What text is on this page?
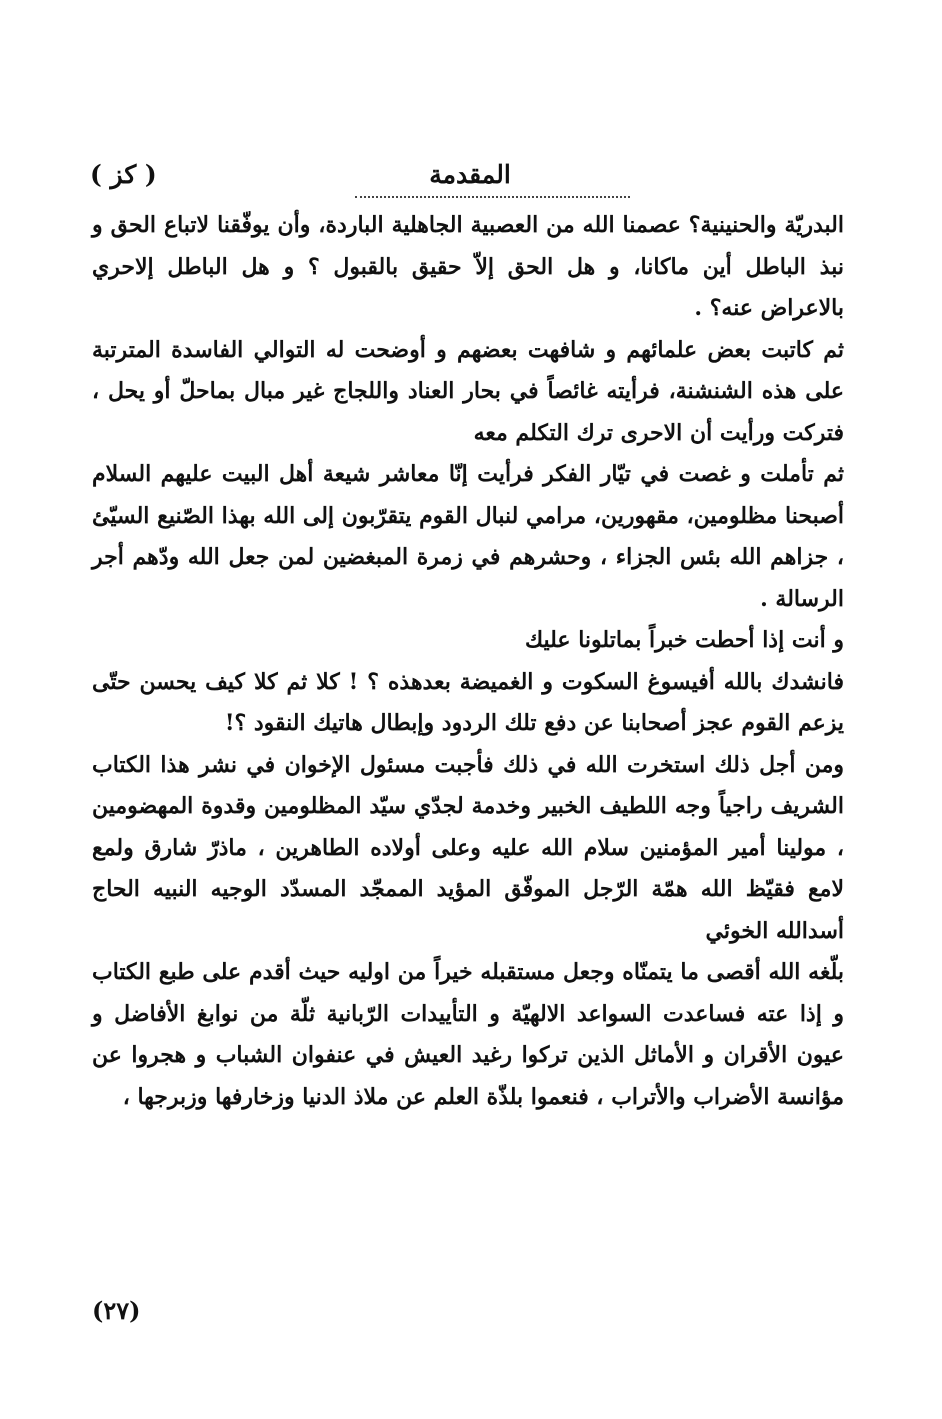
( كز )	المقدمة

البدريّة والحنينية؟ عصمنا الله من العصبية الجاهلية الباردة، وأن يوفّقنا لاتباع الحق و نبذ الباطل أين ماكانا، و هل الحق إلاّ حقيق بالقبول ؟ و هل الباطل إلاحري بالاعراض عنه؟ .

ثم كاتبت بعض علمائهم و شافهت بعضهم و أوضحت له التوالي الفاسدة المترتبة على هذه الشنشنة، فرأيته غائصاً في بحار العناد واللجاج غير مبال بماحلّ أو يحل ، فتركت ورأيت أن الاحرى ترك التكلم معه

ثم تأملت و غصت في تيّار الفكر فرأيت إنّا معاشر شيعة أهل البيت عليهم السلام أصبحنا مظلومين، مقهورين، مرامي لنبال القوم يتقرّبون إلى الله بهذا الصّنيع السيّئ ، جزاهم الله بئس الجزاء ، وحشرهم في زمرة المبغضين لمن جعل الله ودّهم أجر الرسالة .

و أنت إذا أحطت خبراً بماتلونا عليك

فانشدك بالله أفيسوغ السكوت و الغميضة بعدهذه ؟ ! كلا ثم كلا كيف يحسن حتّى يزعم القوم عجز أصحابنا عن دفع تلك الردود وإبطال هاتيك النقود ؟!

ومن أجل ذلك استخرت الله في ذلك فأجبت مسئول الإخوان في نشر هذا الكتاب الشريف راجياً وجه اللطيف الخبير وخدمة لجدّي سيّد المظلومين وقدوة المهضومين ، مولينا أمير المؤمنين سلام الله عليه وعلى أولاده الطاهرين ، ماذرّ شارق ولمع لامع فقيّظ الله همّة الرّجل الموفّق المؤيد الممجّد المسدّد الوجيه النبيه الحاج أسدالله الخوئي

بلّغه الله أقصى ما يتمنّاه وجعل مستقبله خيراً من اوليه حيث أقدم على طبع الكتاب و إذا عته فساعدت السواعد الالهيّة و التأييدات الرّبانية ثلّة من نوابغ الأفاضل و عيون الأقران و الأماثل الذين تركوا رغيد العيش في عنفوان الشباب و هجروا عن مؤانسة الأضراب والأتراب ، فنعموا بلذّة العلم عن ملاذ الدنيا وزخارفها وزبرجها ،

(٢٧)
